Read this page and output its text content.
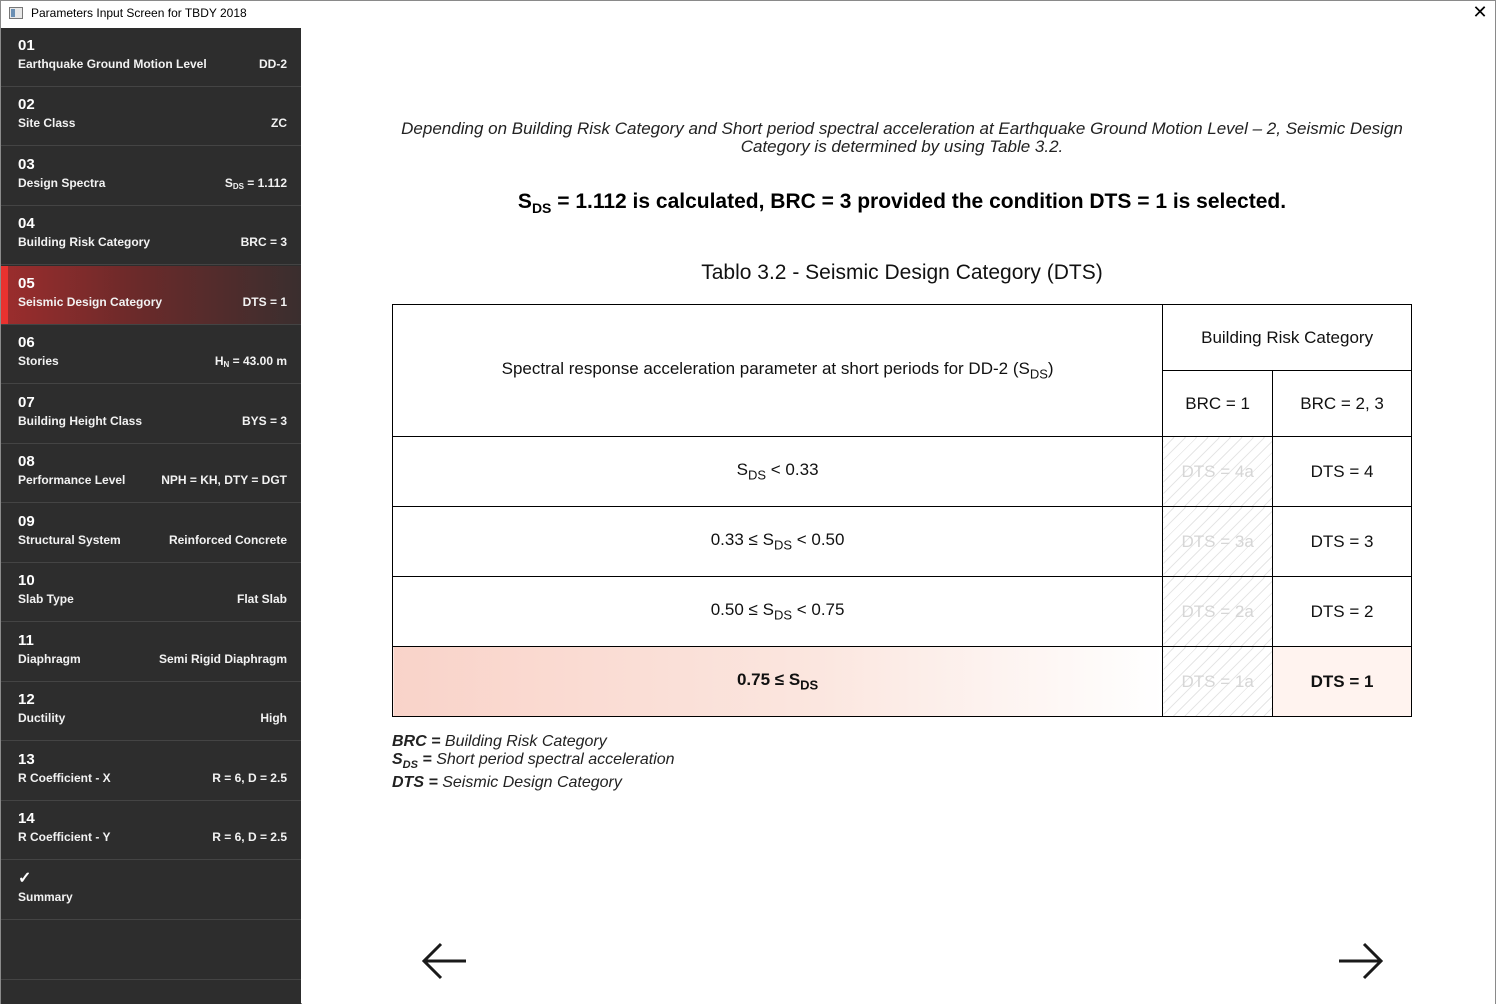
Parameters Input Screen for TBDY 2018	✕
01
Earthquake Ground Motion Level	DD-2
02
Site Class	ZC
03
Design Spectra	$S_{DS} = 1.112$
04
Building Risk Category	BRC = 3
05
Seismic Design Category	DTS = 1
06
Stories	$H_N = 43.00$ m
07
Building Height Class	BYS = 3
08
Performance Level	NPH = KH, DTY = DGT
09
Structural System	Reinforced Concrete
10
Slab Type	Flat Slab
11
Diaphragm	Semi Rigid Diaphragm
12
Ductility	High
13
R Coefficient - X	R = 6, D = 2.5
14
R Coefficient - Y	R = 6, D = 2.5
✓
Summary
Depending on Building Risk Category and Short period spectral acceleration at Earthquake Ground Motion Level – 2, Seismic Design Category is determined by using Table 3.2.
$S_{DS} = 1.112$ is calculated, BRC = 3 provided the condition DTS = 1 is selected.
Tablo 3.2 - Seismic Design Category (DTS)
Spectral response acceleration parameter at short periods for DD-2 $(S_{DS})$	Building Risk Category	
	BRC = 1	BRC = 2, 3
$S_{DS} < 0.33$	DTS = 4a	DTS = 4
$0.33 \le S_{DS} < 0.50$	DTS = 3a	DTS = 3
$0.50 \le S_{DS} < 0.75$	DTS = 2a	DTS = 2
$0.75 \le S_{DS}$	DTS = 1a	DTS = 1
BRC = Building Risk Category
$S_{DS}$ = Short period spectral acceleration
DTS = Seismic Design Category
